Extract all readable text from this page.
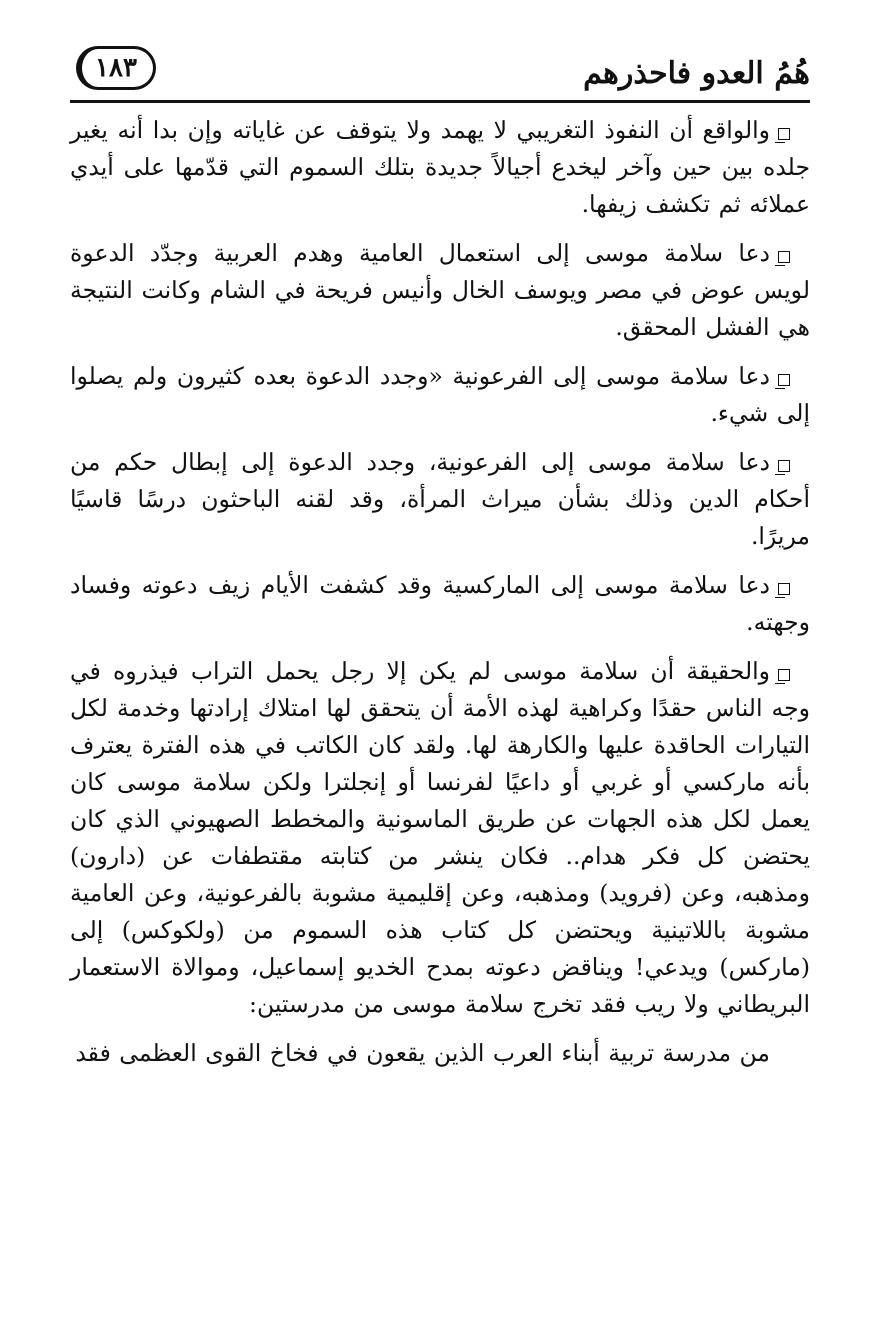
هُمُ العدو فاحذرهم
١٨٣

والواقع أن النفوذ التغريبي لا يهمد ولا يتوقف عن غاياته وإن بدا أنه يغير جلده بين حين وآخر ليخدع أجيالاً جديدة بتلك السموم التي قدّمها على أيدي عملائه ثم تكشف زيفها.

دعا سلامة موسى إلى استعمال العامية وهدم العربية وجدّد الدعوة لويس عوض في مصر ويوسف الخال وأنيس فريحة في الشام وكانت النتيجة هي الفشل المحقق.

دعا سلامة موسى إلى الفرعونية «وجدد الدعوة بعده كثيرون ولم يصلوا إلى شيء.

دعا سلامة موسى إلى الفرعونية، وجدد الدعوة إلى إبطال حكم من أحكام الدين وذلك بشأن ميراث المرأة، وقد لقنه الباحثون درسًا قاسيًا مريرًا.

دعا سلامة موسى إلى الماركسية وقد كشفت الأيام زيف دعوته وفساد وجهته.

والحقيقة أن سلامة موسى لم يكن إلا رجل يحمل التراب فيذروه في وجه الناس حقدًا وكراهية لهذه الأمة أن يتحقق لها امتلاك إرادتها وخدمة لكل التيارات الحاقدة عليها والكارهة لها. ولقد كان الكاتب في هذه الفترة يعترف بأنه ماركسي أو غربي أو داعيًا لفرنسا أو إنجلترا ولكن سلامة موسى كان يعمل لكل هذه الجهات عن طريق الماسونية والمخطط الصهيوني الذي كان يحتضن كل فكر هدام.. فكان ينشر من كتابته مقتطفات عن (دارون) ومذهبه، وعن (فرويد) ومذهبه، وعن إقليمية مشوبة بالفرعونية، وعن العامية مشوبة باللاتينية ويحتضن كل كتاب هذه السموم من (ولكوكس) إلى (ماركس) ويدعي! ويناقض دعوته بمدح الخديو إسماعيل، وموالاة الاستعمار البريطاني ولا ريب فقد تخرج سلامة موسى من مدرستين:

من مدرسة تربية أبناء العرب الذين يقعون في فخاخ القوى العظمى فقد
